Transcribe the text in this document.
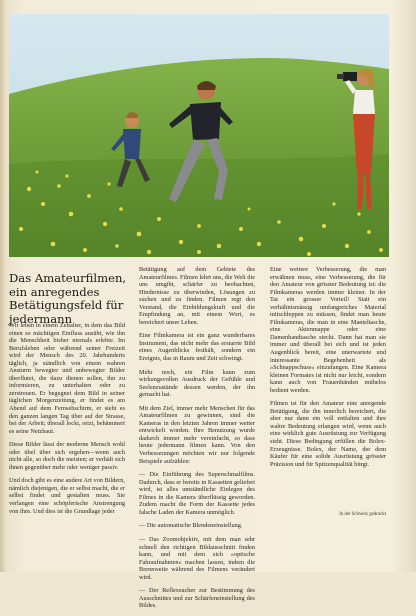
Das Amateurfilmen, ein anregendes Betätigungsfeld für jedermann

Wir leben in einem Zeitalter, in dem das Bild einen so mächtigen Einfluss ausübt, wie ihn die Menschheit bisher niemals erlebte. Im Berufsleben oder während seiner Freizeit wird der Mensch des 20. Jahrhunderts täglich, ja ständlich von einem wahren Ansturm bewegter und unbewegter Bilder überflutet, die dazu dienen sollen, ihn zu informieren, zu unterhalten oder zu zerstreuen. Er begegnet dem Bild in seiner täglichen Morgenzeitung, er findet es am Abend auf dem Fernsehschirm, er sieht es den ganzen langen Tag über auf der Strasse, bei der Arbeit; überall lockt, reizt, behämmert es seine Netzhaut.

Diese Bilder lässt der moderne Mensch wohl oder übel über sich ergehen—wenn auch nicht alle, so doch die meisten; er verhält sich ihnen gegenüber mehr oder weniger passiv.

Und doch gibt es eine andere Art von Bildern, nämlich diejenigen, die er selbst macht, die er selbst findet und gestalten muss. Sie verlangen eine schöpferische Anstrengung von ihm. Und dies ist die Grundlage jeder

Betätigung auf dem Gebiete des Amateurfilmes. Filmen lehrt uns, die Welt die uns umgibt, schärfer zu beobachten, Hindernisse zu überwinden, Lösungen zu suchen und zu finden. Filmen regt den Verstand, die Einbildungskraft und die Empfindung an, mit einem Wort, es bereichert unser Leben.

Eine Filmkamera ist ein ganz wunderbares Instrument, das nicht mehr das erstarrte Bild eines Augenblicks festhält, sondern ein Ereignis, das in Raum und Zeit schwingt.

Mehr noch, ein Film kann zum wirkungsvollen Ausdruck der Gefühle und Seelenzustände dessen werden, der ihn gemacht hat.

Mit dem Ziel, immer mehr Menschen für das Amateurfilmen zu gewinnen, sind die Kameras in den letzten Jahren immer weiter entwickelt worden. Ihre Benutzung wurde dadurch immer mehr vereinfacht, so dass heute jedermann filmen kann. Von den Verbesserungen möchten wir nur folgende Beispiele aufzählen:

— Die Einführung des Superschmalfilms. Dadurch, dass er bereits in Kassetten geliefert wird, ist alles umständliche Einlegen des Filmes in die Kamera überflüssig geworden. Zudem macht die Form der Kassette jedes falsche Laden der Kamera unmöglich.

— Die automatische Blendeneinstellung.

— Das Zoomobjektiv, mit dem man sehr schnell den richtigen Bildausschnitt finden kann, und mit dem sich »optische Fahraufnahmen« machen lassen, indem die Brennweite während des Filmens verändert wird.

— Der Reflexsucher zur Bestimmung des Ausschnittes und zur Schärfeneinstellung des Bildes.

Eine weitere Verbesserung, die man erwähnen muss, eine Verbesserung, die für den Amateur von grösster Bedeutung ist: die Filmkameras werden immer kleiner. In der Tat ein grosser Vorteil! Statt ein verhältnismässig umfangreiches Material mitschleppen zu müssen, findet man heute Filmkameras, die man in eine Manteltasche, eine Aktenmappe oder eine Damenhandtasche steckt. Dann hat man sie immer und überall bei sich und ist jeden Augenblick bereit, eine unerwartete und interessante Begebenheit als »Schnappschuss« einzufangen. Eine Kamera kleinen Formates ist nicht nur leicht, sondern kann auch von Frauenhänden mühelos bedient werden.

Filmen ist für den Amateur eine anregende Betätigung, die ihn innerlich bereichert, die aber nur dann ein voll entfalten und ihre wahre Bedeutung erlangen wird, wenn auch eine wirklich gute Ausrüstung zur Verfügung steht. Diese Bedingung erfüllen die Bolex-Erzeugnisse. Bolex, der Name, der dem Käufer für eine solide Ausrüstung grösster Präzision und für Spitzenqualität bürgt.

In der Schweiz gedruckt
